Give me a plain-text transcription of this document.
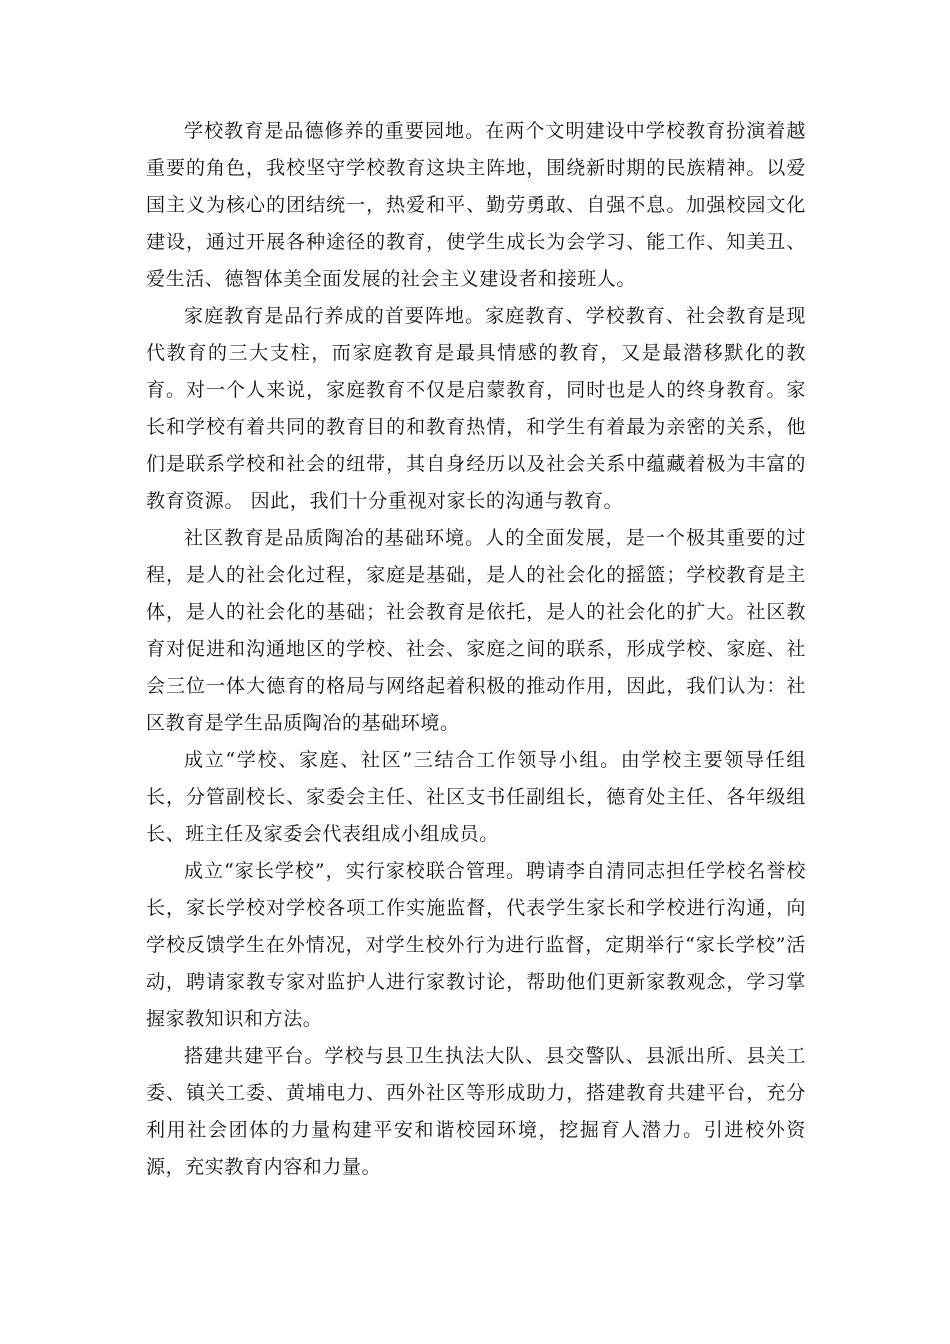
学校教育是品德修养的重要园地。在两个文明建设中学校教育扮演着越重要的角色，我校坚守学校教育这块主阵地，围绕新时期的民族精神。以爱国主义为核心的团结统一，热爱和平、勤劳勇敢、自强不息。加强校园文化建设，通过开展各种途径的教育，使学生成长为会学习、能工作、知美丑、爱生活、德智体美全面发展的社会主义建设者和接班人。

家庭教育是品行养成的首要阵地。家庭教育、学校教育、社会教育是现代教育的三大支柱，而家庭教育是最具情感的教育，又是最潜移默化的教育。对一个人来说，家庭教育不仅是启蒙教育，同时也是人的终身教育。家长和学校有着共同的教育目的和教育热情，和学生有着最为亲密的关系，他们是联系学校和社会的纽带，其自身经历以及社会关系中蕴藏着极为丰富的教育资源。 因此，我们十分重视对家长的沟通与教育。

社区教育是品质陶冶的基础环境。人的全面发展，是一个极其重要的过程，是人的社会化过程，家庭是基础，是人的社会化的摇篮；学校教育是主体，是人的社会化的基础；社会教育是依托，是人的社会化的扩大。社区教育对促进和沟通地区的学校、社会、家庭之间的联系，形成学校、家庭、社会三位一体大德育的格局与网络起着积极的推动作用，因此，我们认为：社区教育是学生品质陶冶的基础环境。

成立“学校、家庭、社区”三结合工作领导小组。由学校主要领导任组长，分管副校长、家委会主任、社区支书任副组长，德育处主任、各年级组长、班主任及家委会代表组成小组成员。

成立“家长学校”，实行家校联合管理。聘请李自清同志担任学校名誉校长，家长学校对学校各项工作实施监督，代表学生家长和学校进行沟通，向学校反馈学生在外情况，对学生校外行为进行监督，定期举行“家长学校”活动，聘请家教专家对监护人进行家教讨论，帮助他们更新家教观念，学习掌握家教知识和方法。

搭建共建平台。学校与县卫生执法大队、县交警队、县派出所、县关工委、镇关工委、黄埔电力、西外社区等形成助力，搭建教育共建平台，充分利用社会团体的力量构建平安和谐校园环境，挖掘育人潜力。引进校外资源，充实教育内容和力量。
